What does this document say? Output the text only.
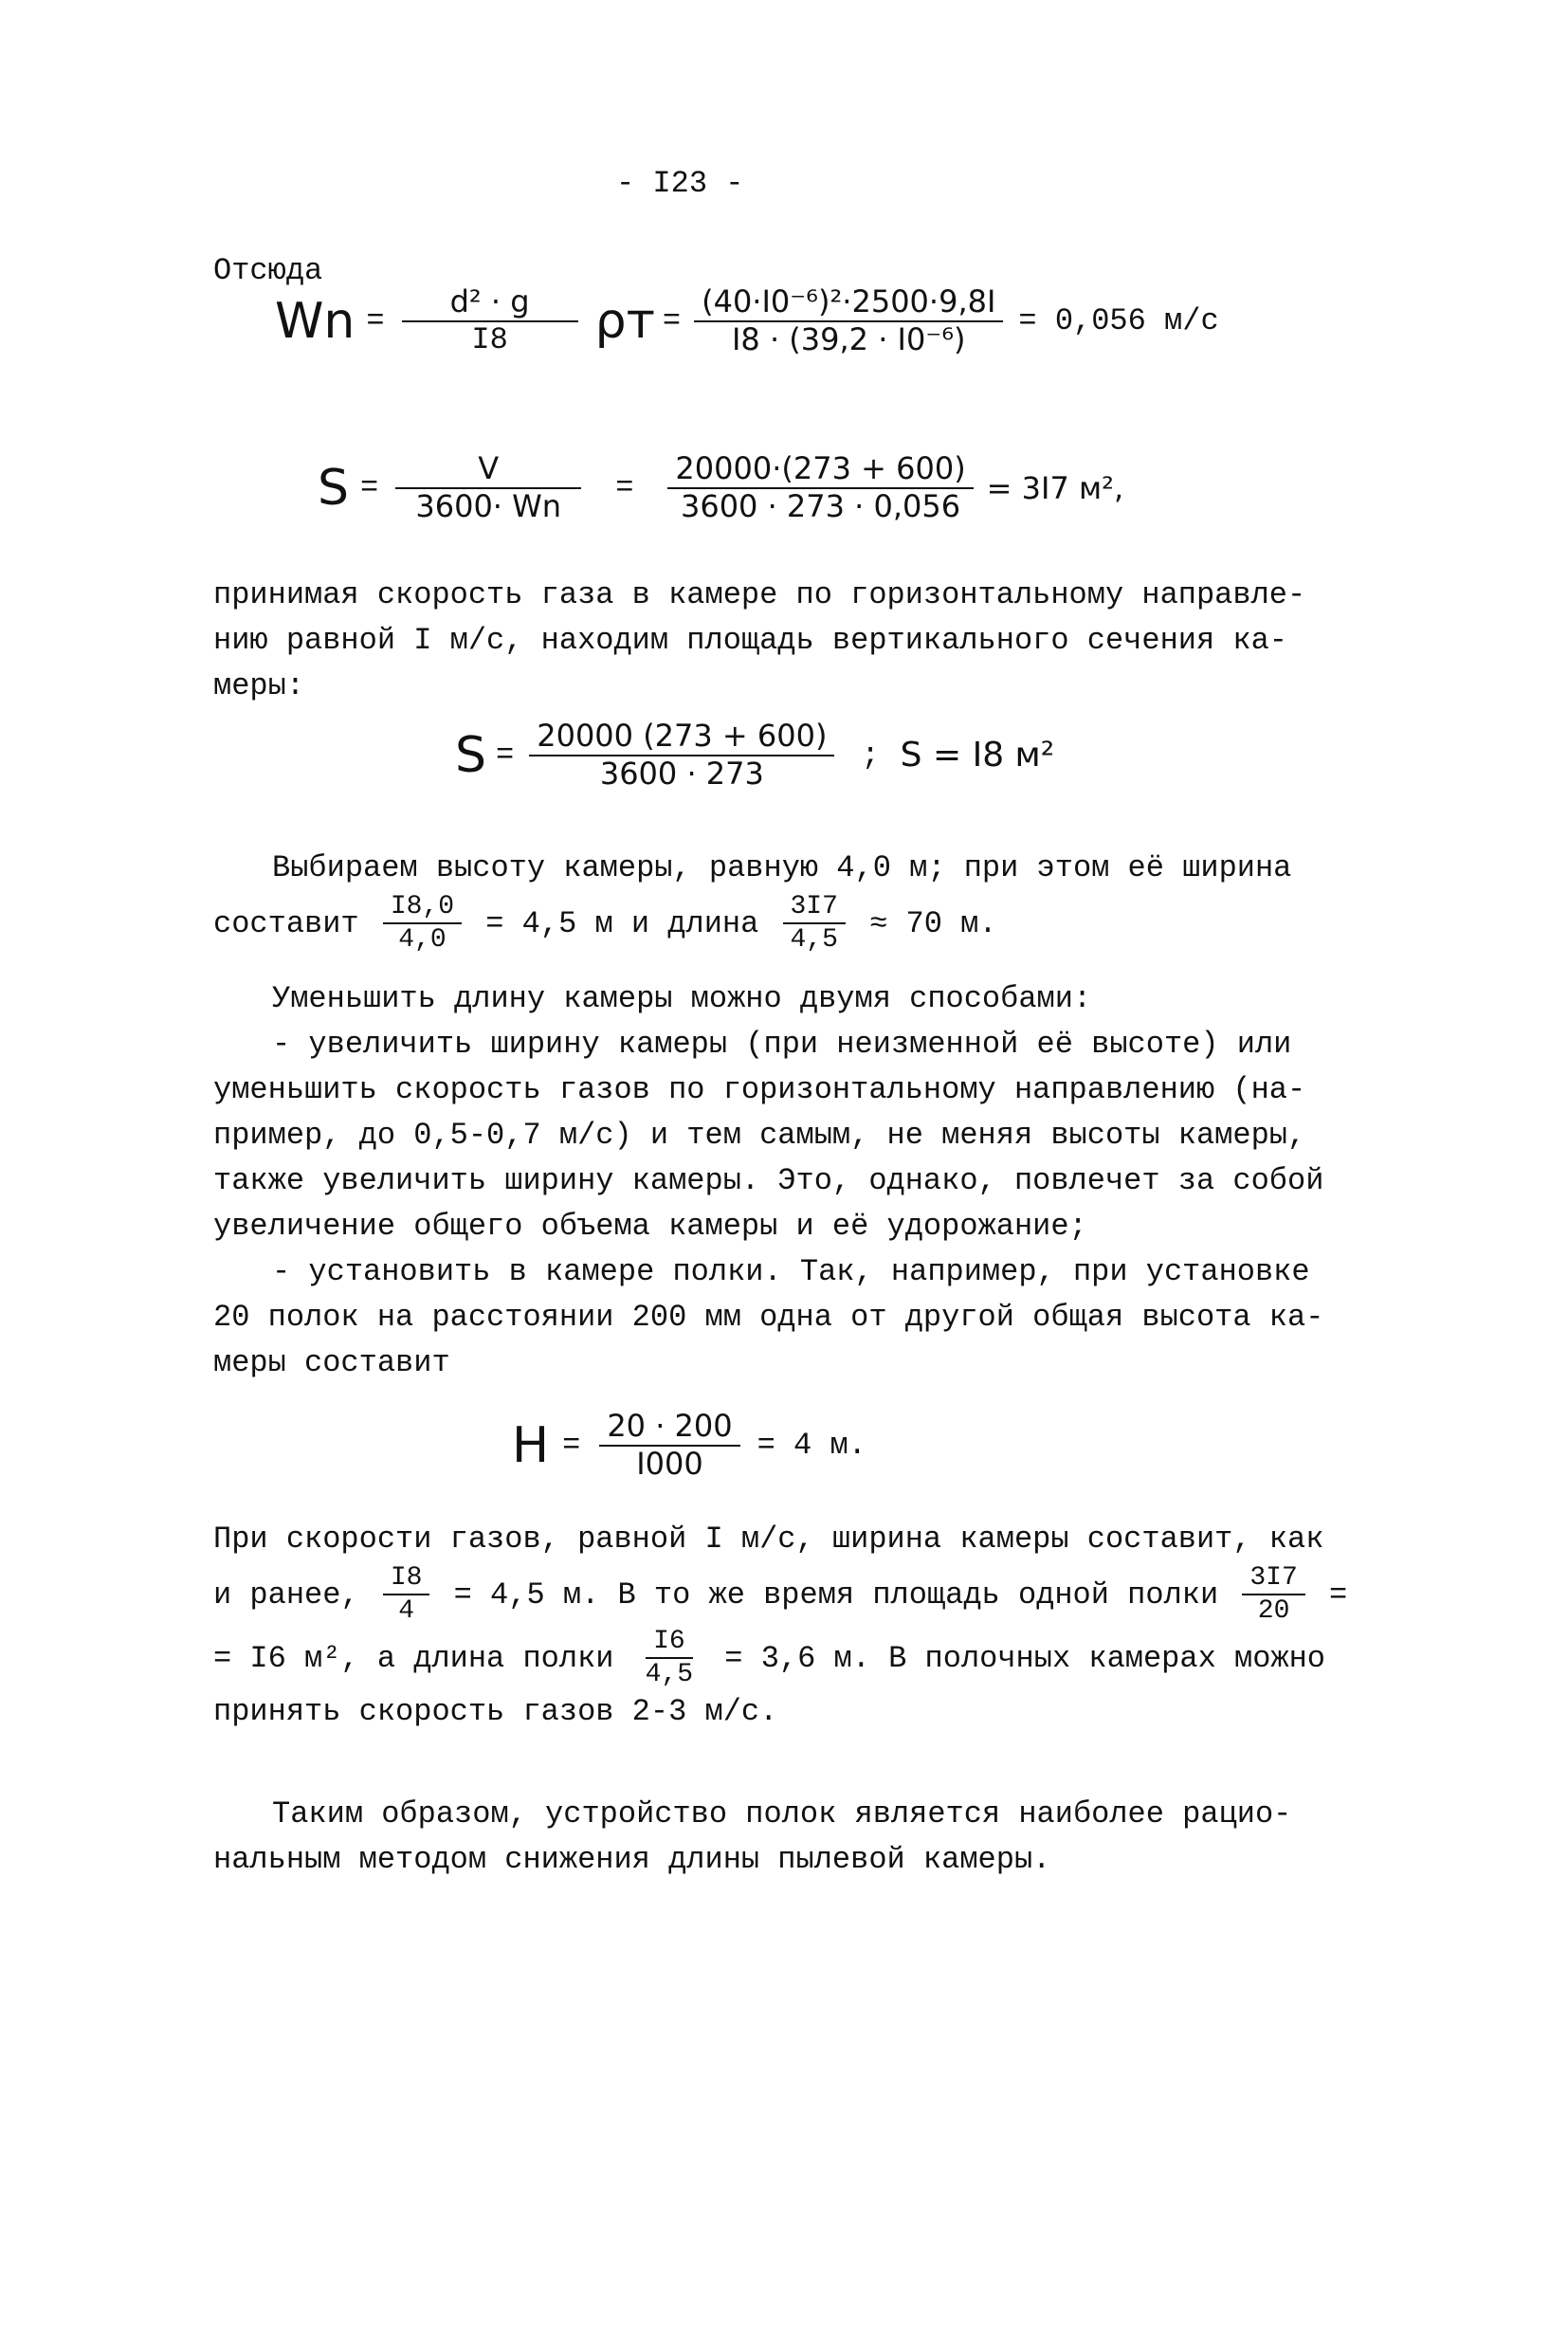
- I23 -
Отсюда
$Wn = \frac{\text{d² · g}}{I8}$ $\rho т = \frac{\text{(40·I0⁻⁶)²·2500·9,8I}}{\text{I8 · (39,2 · I0⁻⁶)}} = 0,056$ м/с
$S = \frac{V}{3600\cdot Wn} = \frac{20000\cdot(273 + 600)}{3600 \cdot 273 \cdot 0,056} = 3I7$ м²,
принимая скорость газа в камере по горизонтальному направле-
нию равной I м/с, находим площадь вертикального сечения ка-
меры:
$S = \frac{20000 (273 + 600)}{3600 \cdot 273}$ ; S = I8 м²
Выбираем высоту камеры, равную 4,0 м; при этом её ширина
составит $\frac{I8,0}{4,0} = 4,5$ м и длина $\frac{3I7}{4,5} \approx 70$ м.
Уменьшить длину камеры можно двумя способами:
- увеличить ширину камеры (при неизменной её высоте) или
уменьшить скорость газов по горизонтальному направлению (на-
пример, до 0,5-0,7 м/с) и тем самым, не меняя высоты камеры,
также увеличить ширину камеры. Это, однако, повлечет за собой
увеличение общего объема камеры и её удорожание;
- установить в камере полки. Так, например, при установке
20 полок на расстоянии 200 мм одна от другой общая высота ка-
меры составит
$H = \frac{20 \cdot 200}{I000} = 4$ м.
При скорости газов, равной I м/с, ширина камеры составит, как
и ранее, $\frac{I8}{4} = 4,5$ м. В то же время площадь одной полки $\frac{3I7}{20}$ =
= I6 м², а длина полки $\frac{I6}{4,5} = 3,6$ м. В полочных камерах можно
принять скорость газов 2-3 м/с.
Таким образом, устройство полок является наиболее рацио-
нальным методом снижения длины пылевой камеры.
